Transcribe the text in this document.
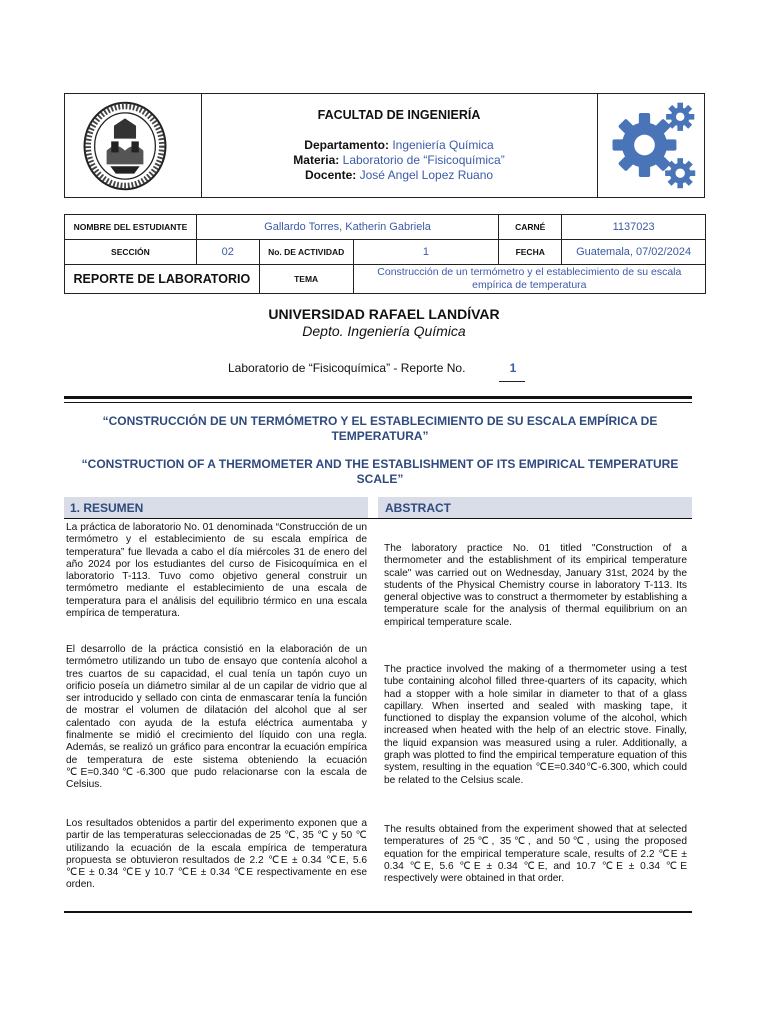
FACULTAD DE INGENIERÍA
Departamento: Ingeniería Química
Materia: Laboratorio de “Fisicoquímica”
Docente: José Angel Lopez Ruano
NOMBRE DEL ESTUDIANTE	Gallardo Torres, Katherin Gabriela			CARNÉ	1137023
SECCIÓN	02	No. DE ACTIVIDAD	1	FECHA	Guatemala, 07/02/2024
REPORTE DE LABORATORIO		TEMA	Construcción de un termómetro y el establecimiento de su escala empírica de temperatura		
UNIVERSIDAD RAFAEL LANDÍVAR
Depto. Ingeniería Química
Laboratorio de “Fisicoquímica” - Reporte No.	1
“CONSTRUCCIÓN DE UN TERMÓMETRO Y EL ESTABLECIMIENTO DE SU ESCALA EMPÍRICA DE TEMPERATURA”
“CONSTRUCTION OF A THERMOMETER AND THE ESTABLISHMENT OF ITS EMPIRICAL TEMPERATURE SCALE”
1. RESUMEN	ABSTRACT
La práctica de laboratorio No. 01 denominada “Construcción de un termómetro y el establecimiento de su escala empírica de temperatura” fue llevada a cabo el día miércoles 31 de enero del año 2024 por los estudiantes del curso de Fisicoquímica en el laboratorio T-113. Tuvo como objetivo general construir un termómetro mediante el establecimiento de una escala de temperatura para el análisis del equilibrio térmico en una escala empírica de temperatura.
El desarrollo de la práctica consistió en la elaboración de un termómetro utilizando un tubo de ensayo que contenía alcohol a tres cuartos de su capacidad, el cual tenía un tapón cuyo un orificio poseía un diámetro similar al de un capilar de vidrio que al ser introducido y sellado con cinta de enmascarar tenía la función de mostrar el volumen de dilatación del alcohol que al ser calentado con ayuda de la estufa eléctrica aumentaba y finalmente se midió el crecimiento del líquido con una regla. Además, se realizó un gráfico para encontrar la ecuación empírica de temperatura de este sistema obteniendo la ecuación ℃E=0.340℃-6.300 que pudo relacionarse con la escala de Celsius.
Los resultados obtenidos a partir del experimento exponen que a partir de las temperaturas seleccionadas de 25 ℃, 35 ℃ y 50 ℃ utilizando la ecuación de la escala empírica de temperatura propuesta se obtuvieron resultados de 2.2 ℃E ± 0.34 ℃E, 5.6 ℃E ± 0.34 ℃E y 10.7 ℃E ± 0.34 ℃E respectivamente en ese orden.
The laboratory practice No. 01 titled "Construction of a thermometer and the establishment of its empirical temperature scale" was carried out on Wednesday, January 31st, 2024 by the students of the Physical Chemistry course in laboratory T-113. Its general objective was to construct a thermometer by establishing a temperature scale for the analysis of thermal equilibrium on an empirical temperature scale.
The practice involved the making of a thermometer using a test tube containing alcohol filled three-quarters of its capacity, which had a stopper with a hole similar in diameter to that of a glass capillary. When inserted and sealed with masking tape, it functioned to display the expansion volume of the alcohol, which increased when heated with the help of an electric stove. Finally, the liquid expansion was measured using a ruler. Additionally, a graph was plotted to find the empirical temperature equation of this system, resulting in the equation ℃E=0.340℃-6.300, which could be related to the Celsius scale.
The results obtained from the experiment showed that at selected temperatures of 25℃, 35℃, and 50℃, using the proposed equation for the empirical temperature scale, results of 2.2 ℃E ± 0.34 ℃E, 5.6 ℃E ± 0.34 ℃E, and 10.7 ℃E ± 0.34 ℃E respectively were obtained in that order.
